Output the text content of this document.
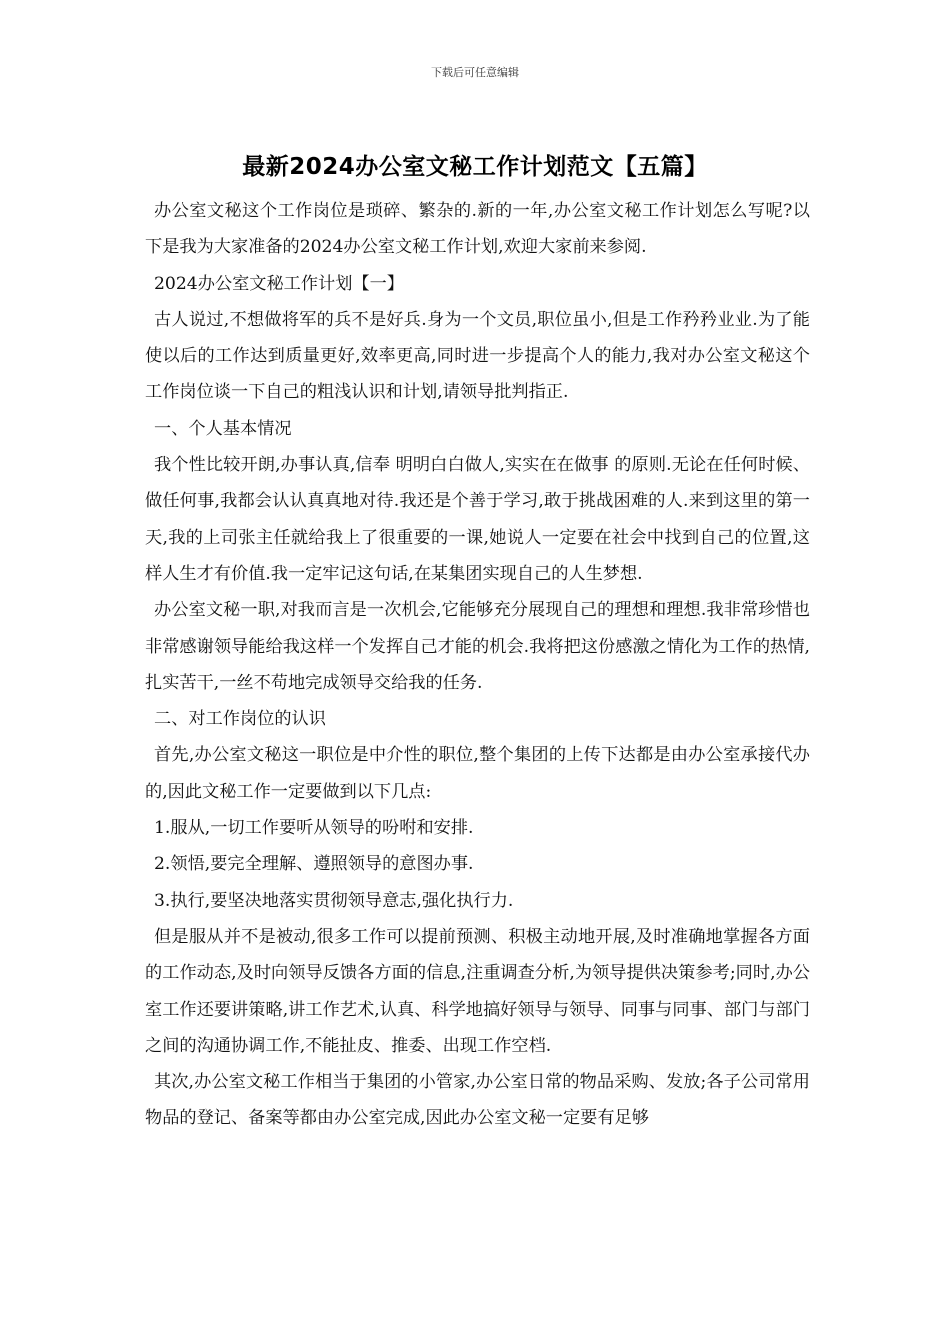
下载后可任意编辑
最新2024办公室文秘工作计划范文【五篇】

办公室文秘这个工作岗位是琐碎、繁杂的.新的一年,办公室文秘工作计划怎么写呢?以下是我为大家准备的2024办公室文秘工作计划,欢迎大家前来参阅.

2024办公室文秘工作计划【一】

古人说过,不想做将军的兵不是好兵.身为一个文员,职位虽小,但是工作矜矜业业.为了能使以后的工作达到质量更好,效率更高,同时进一步提高个人的能力,我对办公室文秘这个工作岗位谈一下自己的粗浅认识和计划,请领导批判指正.

一、个人基本情况

我个性比较开朗,办事认真,信奉 明明白白做人,实实在在做事 的原则.无论在任何时候、做任何事,我都会认认真真地对待.我还是个善于学习,敢于挑战困难的人.来到这里的第一天,我的上司张主任就给我上了很重要的一课,她说人一定要在社会中找到自己的位置,这样人生才有价值.我一定牢记这句话,在某集团实现自己的人生梦想.

办公室文秘一职,对我而言是一次机会,它能够充分展现自己的理想和理想.我非常珍惜也非常感谢领导能给我这样一个发挥自己才能的机会.我将把这份感激之情化为工作的热情,扎实苦干,一丝不苟地完成领导交给我的任务.

二、对工作岗位的认识

首先,办公室文秘这一职位是中介性的职位,整个集团的上传下达都是由办公室承接代办的,因此文秘工作一定要做到以下几点:

1.服从,一切工作要听从领导的吩咐和安排.

2.领悟,要完全理解、遵照领导的意图办事.

3.执行,要坚决地落实贯彻领导意志,强化执行力.

但是服从并不是被动,很多工作可以提前预测、积极主动地开展,及时准确地掌握各方面的工作动态,及时向领导反馈各方面的信息,注重调查分析,为领导提供决策参考;同时,办公室工作还要讲策略,讲工作艺术,认真、科学地搞好领导与领导、同事与同事、部门与部门之间的沟通协调工作,不能扯皮、推委、出现工作空档.

其次,办公室文秘工作相当于集团的小管家,办公室日常的物品采购、发放;各子公司常用物品的登记、备案等都由办公室完成,因此办公室文秘一定要有足够
